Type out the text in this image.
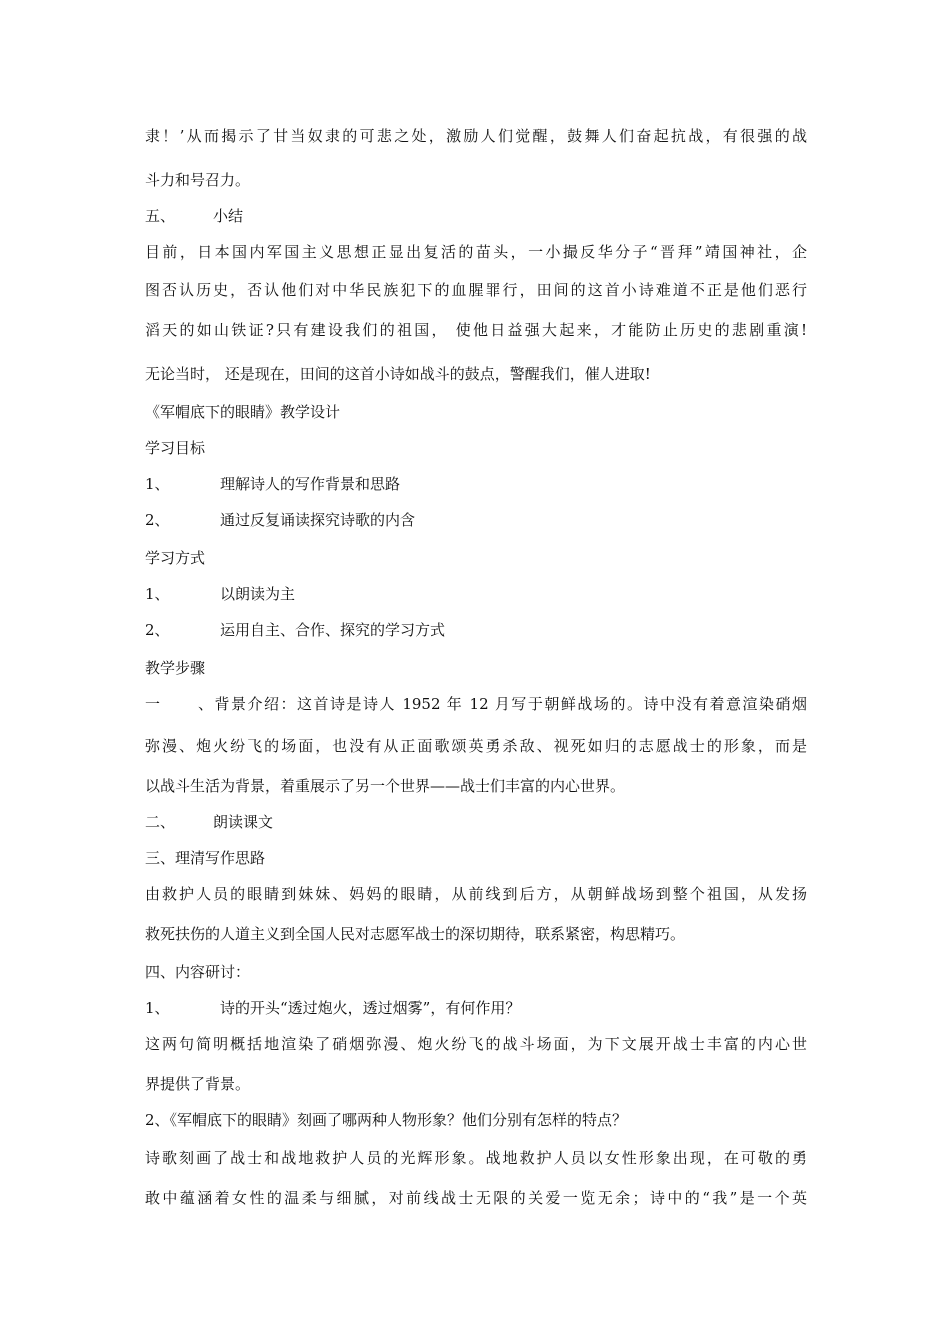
隶！’从而揭示了甘当奴隶的可悲之处，激励人们觉醒，鼓舞人们奋起抗战，有很强的战
斗力和号召力。
五、	小结
目前，日本国内军国主义思想正显出复活的苗头，一小撮反华分子“晋拜”靖国神社，企
图否认历史，否认他们对中华民族犯下的血腥罪行，田间的这首小诗难道不正是他们恶行
滔天的如山铁证?只有建设我们的祖国， 使他日益强大起来，才能防止历史的悲剧重演!
无论当时， 还是现在，田间的这首小诗如战斗的鼓点，警醒我们，催人进取!
《军帽底下的眼睛》教学设计
学习目标
1、	理解诗人的写作背景和思路
2、	通过反复诵读探究诗歌的内含
学习方式
1、	以朗读为主
2、	运用自主、合作、探究的学习方式
教学步骤
一、背景介绍：这首诗是诗人 1952 年 12 月写于朝鲜战场的。诗中没有着意渲染硝烟
弥漫、炮火纷飞的场面，也没有从正面歌颂英勇杀敌、视死如归的志愿战士的形象，而是
以战斗生活为背景，着重展示了另一个世界——战士们丰富的内心世界。
二、	朗读课文
三、理清写作思路
由救护人员的眼睛到妹妹、妈妈的眼睛，从前线到后方，从朝鲜战场到整个祖国，从发扬
救死扶伤的人道主义到全国人民对志愿军战士的深切期待，联系紧密，构思精巧。
四、内容研讨：
1、	诗的开头“透过炮火，透过烟雾”，有何作用？
这两句简明概括地渲染了硝烟弥漫、炮火纷飞的战斗场面，为下文展开战士丰富的内心世
界提供了背景。
2、《军帽底下的眼睛》刻画了哪两种人物形象？他们分别有怎样的特点？
诗歌刻画了战士和战地救护人员的光辉形象。战地救护人员以女性形象出现，在可敬的勇
敢中蕴涵着女性的温柔与细腻，对前线战士无限的关爱一览无余；诗中的“我”是一个英
